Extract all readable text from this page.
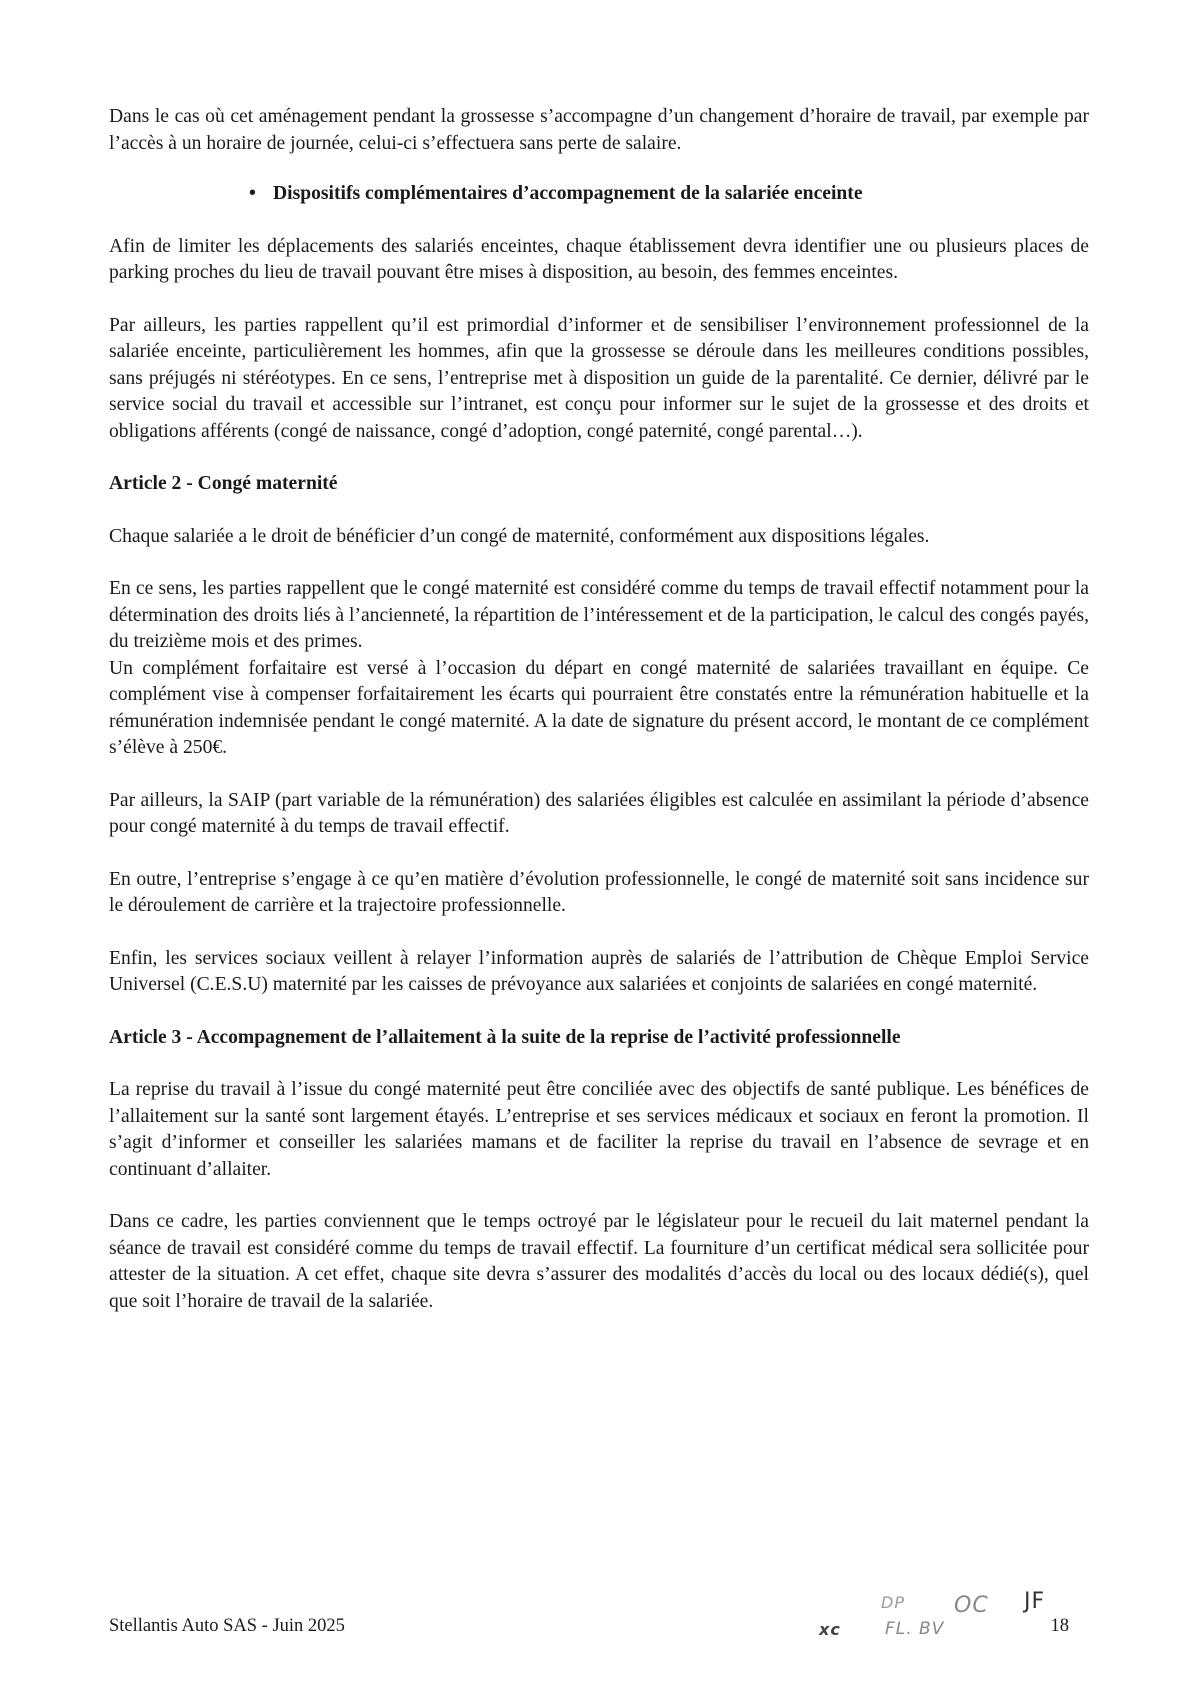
Dans le cas où cet aménagement pendant la grossesse s’accompagne d’un changement d’horaire de travail, par exemple par l’accès à un horaire de journée, celui-ci s’effectuera sans perte de salaire.

• Dispositifs complémentaires d’accompagnement de la salariée enceinte

Afin de limiter les déplacements des salariés enceintes, chaque établissement devra identifier une ou plusieurs places de parking proches du lieu de travail pouvant être mises à disposition, au besoin, des femmes enceintes.

Par ailleurs, les parties rappellent qu’il est primordial d’informer et de sensibiliser l’environnement professionnel de la salariée enceinte, particulièrement les hommes, afin que la grossesse se déroule dans les meilleures conditions possibles, sans préjugés ni stéréotypes. En ce sens, l’entreprise met à disposition un guide de la parentalité. Ce dernier, délivré par le service social du travail et accessible sur l’intranet, est conçu pour informer sur le sujet de la grossesse et des droits et obligations afférents (congé de naissance, congé d’adoption, congé paternité, congé parental…).

Article 2 - Congé maternité

Chaque salariée a le droit de bénéficier d’un congé de maternité, conformément aux dispositions légales.

En ce sens, les parties rappellent que le congé maternité est considéré comme du temps de travail effectif notamment pour la détermination des droits liés à l’ancienneté, la répartition de l’intéressement et de la participation, le calcul des congés payés, du treizième mois et des primes.

Un complément forfaitaire est versé à l’occasion du départ en congé maternité de salariées travaillant en équipe. Ce complément vise à compenser forfaitairement les écarts qui pourraient être constatés entre la rémunération habituelle et la rémunération indemnisée pendant le congé maternité. A la date de signature du présent accord, le montant de ce complément s’élève à 250€.

Par ailleurs, la SAIP (part variable de la rémunération) des salariées éligibles est calculée en assimilant la période d’absence pour congé maternité à du temps de travail effectif.

En outre, l’entreprise s’engage à ce qu’en matière d’évolution professionnelle, le congé de maternité soit sans incidence sur le déroulement de carrière et la trajectoire professionnelle.

Enfin, les services sociaux veillent à relayer l’information auprès de salariés de l’attribution de Chèque Emploi Service Universel (C.E.S.U) maternité par les caisses de prévoyance aux salariées et conjoints de salariées en congé maternité.

Article 3 - Accompagnement de l’allaitement à la suite de la reprise de l’activité professionnelle

La reprise du travail à l’issue du congé maternité peut être conciliée avec des objectifs de santé publique. Les bénéfices de l’allaitement sur la santé sont largement étayés. L’entreprise et ses services médicaux et sociaux en feront la promotion. Il s’agit d’informer et conseiller les salariées mamans et de faciliter la reprise du travail en l’absence de sevrage et en continuant d’allaiter.

Dans ce cadre, les parties conviennent que le temps octroyé par le législateur pour le recueil du lait maternel pendant la séance de travail est considéré comme du temps de travail effectif. La fourniture d’un certificat médical sera sollicitée pour attester de la situation. A cet effet, chaque site devra s’assurer des modalités d’accès du local ou des locaux dédié(s), quel que soit l’horaire de travail de la salariée.

Stellantis Auto SAS - Juin 2025	xc
DP OC JF
FL. BV	18
